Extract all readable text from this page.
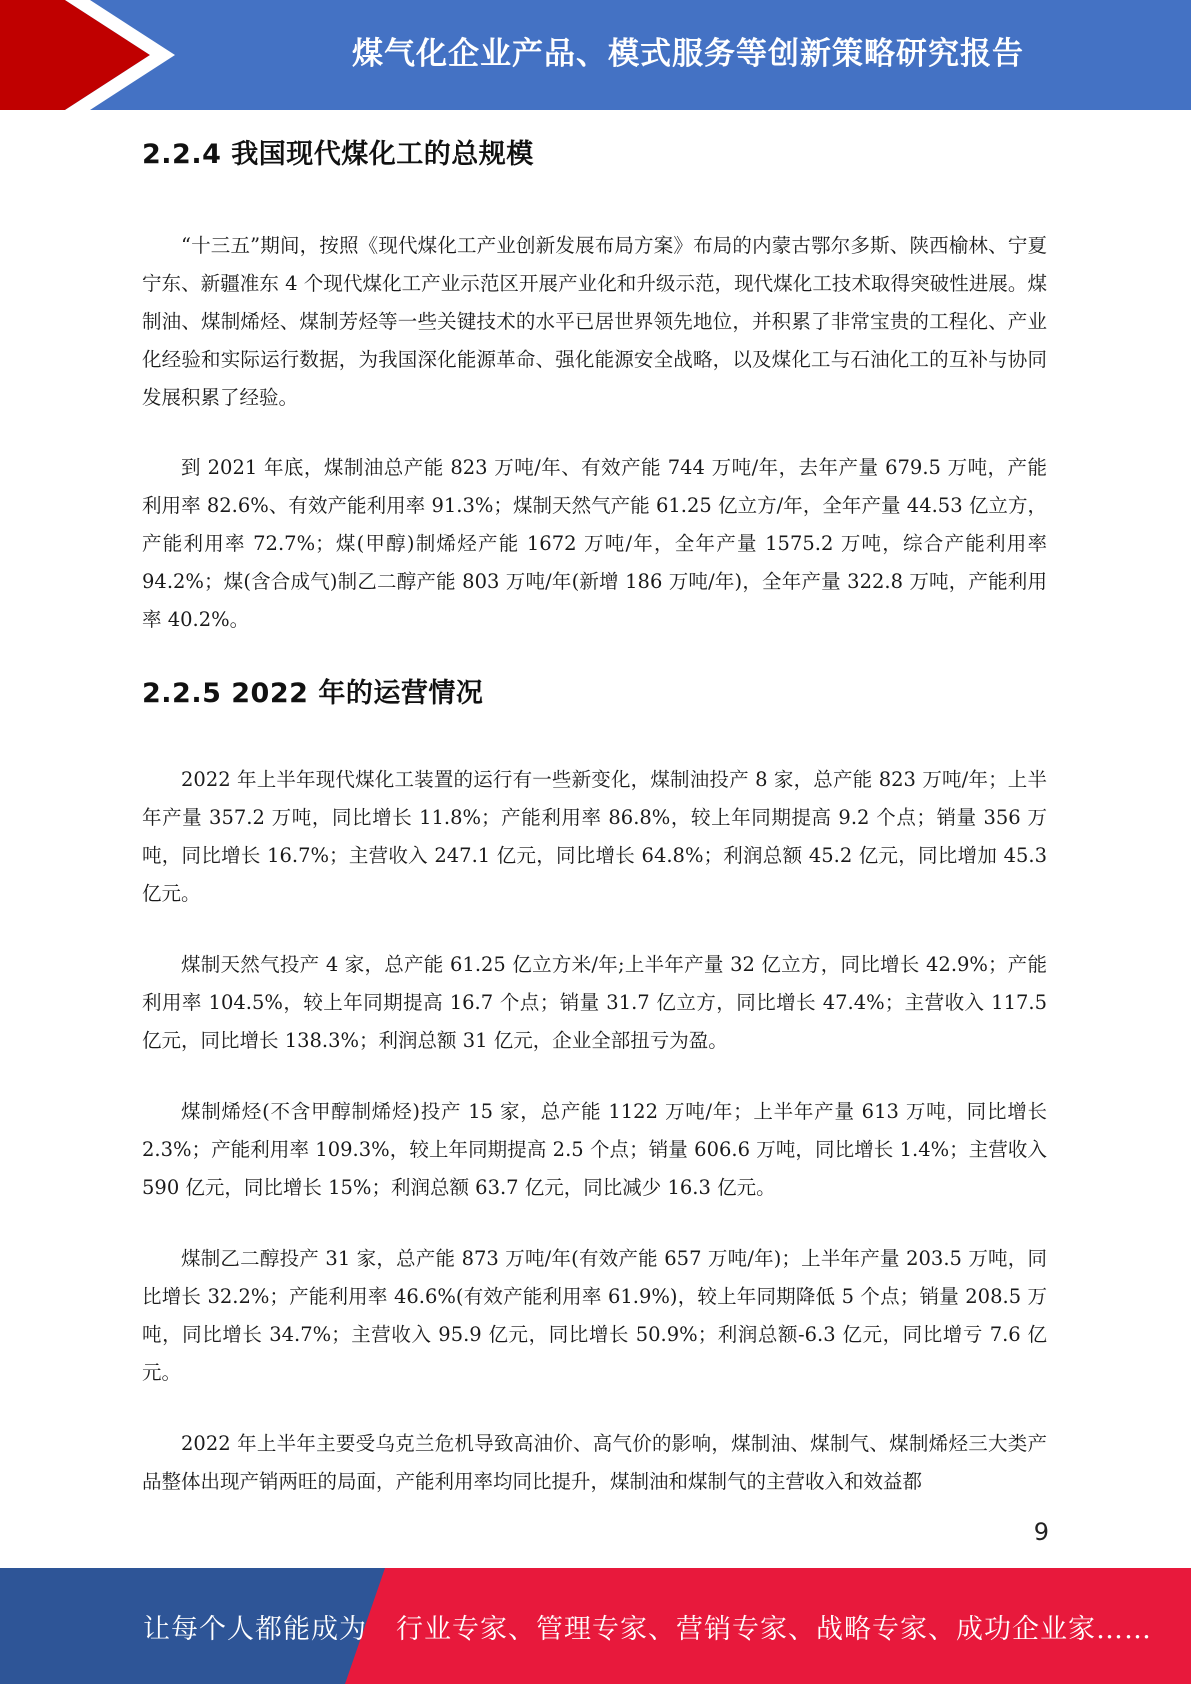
煤气化企业产品、模式服务等创新策略研究报告
2.2.4 我国现代煤化工的总规模

“十三五”期间，按照《现代煤化工产业创新发展布局方案》布局的内蒙古鄂尔多斯、陕西榆林、宁夏宁东、新疆准东 4 个现代煤化工产业示范区开展产业化和升级示范，现代煤化工技术取得突破性进展。煤制油、煤制烯烃、煤制芳烃等一些关键技术的水平已居世界领先地位，并积累了非常宝贵的工程化、产业化经验和实际运行数据，为我国深化能源革命、强化能源安全战略，以及煤化工与石油化工的互补与协同发展积累了经验。

到 2021 年底，煤制油总产能 823 万吨/年、有效产能 744 万吨/年，去年产量 679.5 万吨，产能利用率 82.6%、有效产能利用率 91.3%；煤制天然气产能 61.25 亿立方/年，全年产量 44.53 亿立方，产能利用率 72.7%；煤(甲醇)制烯烃产能 1672 万吨/年，全年产量 1575.2 万吨，综合产能利用率 94.2%；煤(含合成气)制乙二醇产能 803 万吨/年(新增 186 万吨/年)，全年产量 322.8 万吨，产能利用率 40.2%。

2.2.5 2022 年的运营情况

2022 年上半年现代煤化工装置的运行有一些新变化，煤制油投产 8 家，总产能 823 万吨/年；上半年产量 357.2 万吨，同比增长 11.8%；产能利用率 86.8%，较上年同期提高 9.2 个点；销量 356 万吨，同比增长 16.7%；主营收入 247.1 亿元，同比增长 64.8%；利润总额 45.2 亿元，同比增加 45.3 亿元。

煤制天然气投产 4 家，总产能 61.25 亿立方米/年;上半年产量 32 亿立方，同比增长 42.9%；产能利用率 104.5%，较上年同期提高 16.7 个点；销量 31.7 亿立方，同比增长 47.4%；主营收入 117.5 亿元，同比增长 138.3%；利润总额 31 亿元，企业全部扭亏为盈。

煤制烯烃(不含甲醇制烯烃)投产 15 家，总产能 1122 万吨/年；上半年产量 613 万吨，同比增长 2.3%；产能利用率 109.3%，较上年同期提高 2.5 个点；销量 606.6 万吨，同比增长 1.4%；主营收入 590 亿元，同比增长 15%；利润总额 63.7 亿元，同比减少 16.3 亿元。

煤制乙二醇投产 31 家，总产能 873 万吨/年(有效产能 657 万吨/年)；上半年产量 203.5 万吨，同比增长 32.2%；产能利用率 46.6%(有效产能利用率 61.9%)，较上年同期降低 5 个点；销量 208.5 万吨，同比增长 34.7%；主营收入 95.9 亿元，同比增长 50.9%；利润总额-6.3 亿元，同比增亏 7.6 亿元。

2022 年上半年主要受乌克兰危机导致高油价、高气价的影响，煤制油、煤制气、煤制烯烃三大类产品整体出现产销两旺的局面，产能利用率均同比提升，煤制油和煤制气的主营收入和效益都

9
让每个人都能成为 行业专家、管理专家、营销专家、战略专家、成功企业家……
